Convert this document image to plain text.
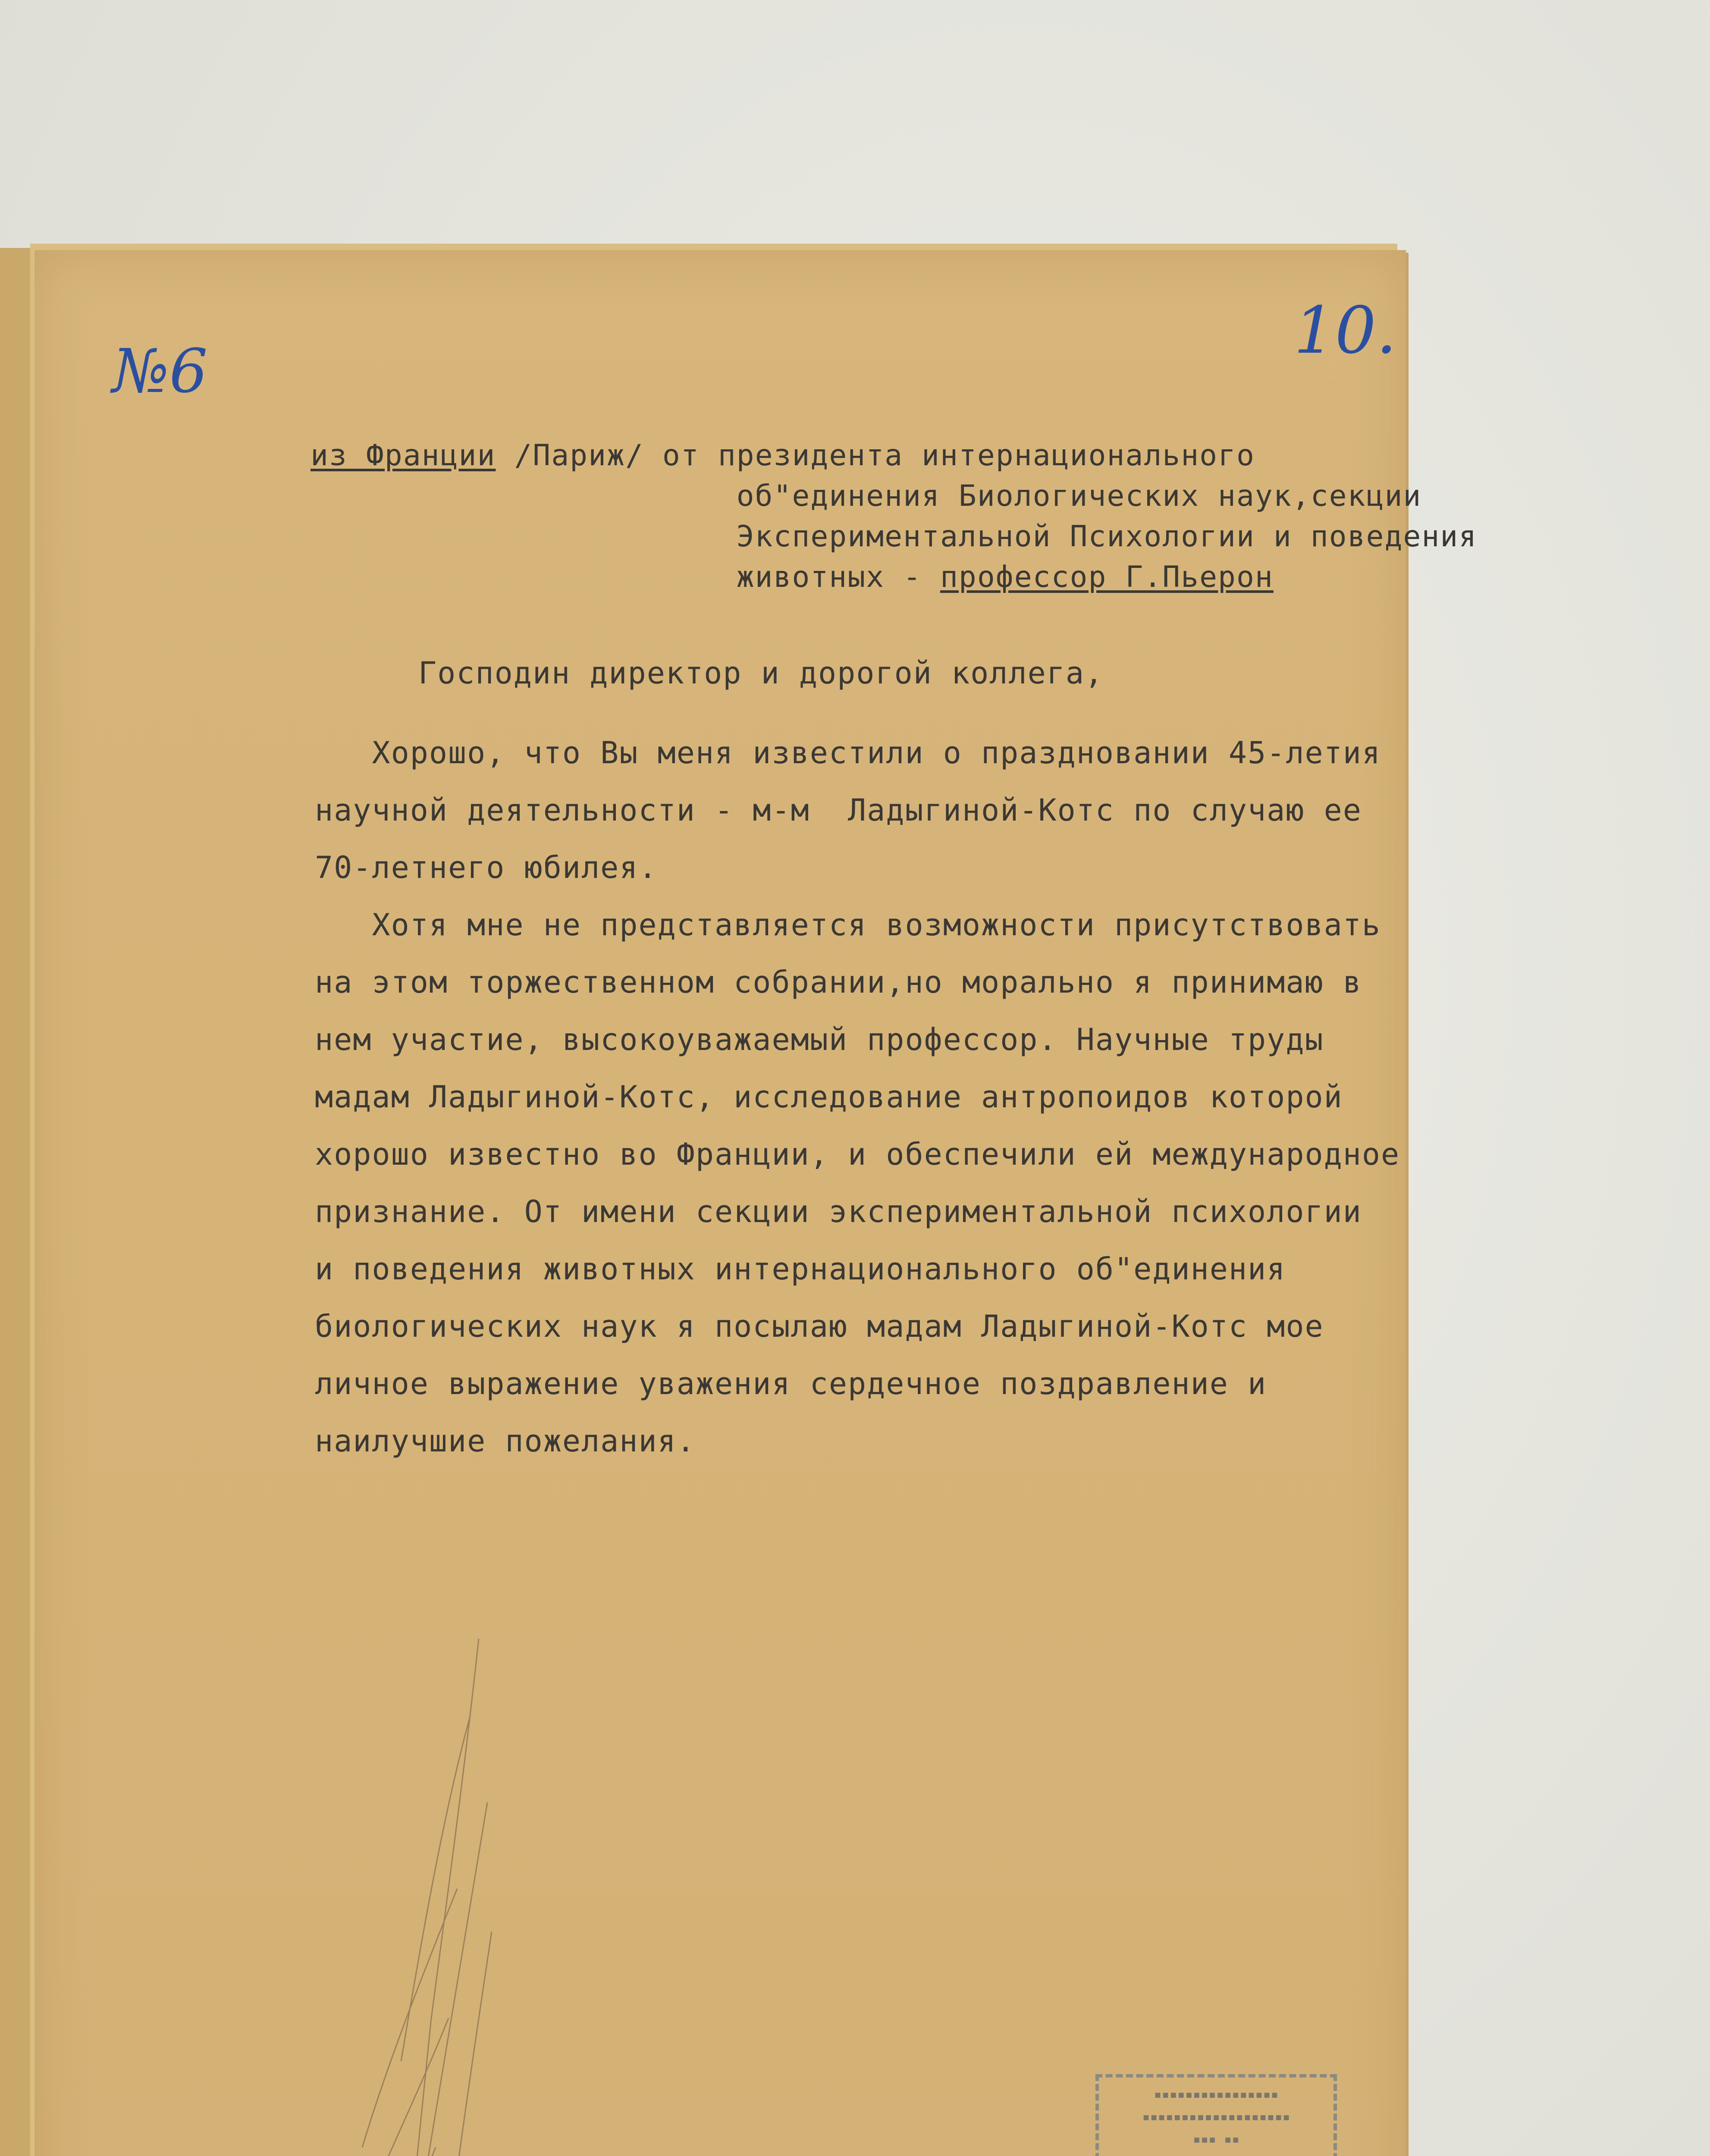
10.
№6
из Франции /Париж/ от президента интернационального
об"единения Биологических наук,секции
Экспериментальной Психологии и поведения
животных - профессор Г.Пьерон
Господин директор и дорогой коллега,
Хорошо, что Вы меня известили о праздновании 45-летия
научной деятельности - м-м  Ладыгиной-Котс по случаю ее
70-летнего юбилея.
Хотя мне не представляется возможности присутствовать
на этом торжественном собрании,но морально я принимаю в
нем участие, высокоуважаемый профессор. Научные труды
мадам Ладыгиной-Котс, исследование антропоидов которой
хорошо известно во Франции, и обеспечили ей международное
признание. От имени секции экспериментальной психологии
и поведения животных интернационального об"единения
биологических наук я посылаю мадам Ладыгиной-Котс мое
личное выражение уважения сердечное поздравление и
наилучшие пожелания.
▪▪▪▪▪▪▪▪▪▪▪▪▪▪▪▪
▪▪▪▪▪▪▪▪▪▪▪▪▪▪▪▪▪▪▪
▪▪▪ ▪▪
